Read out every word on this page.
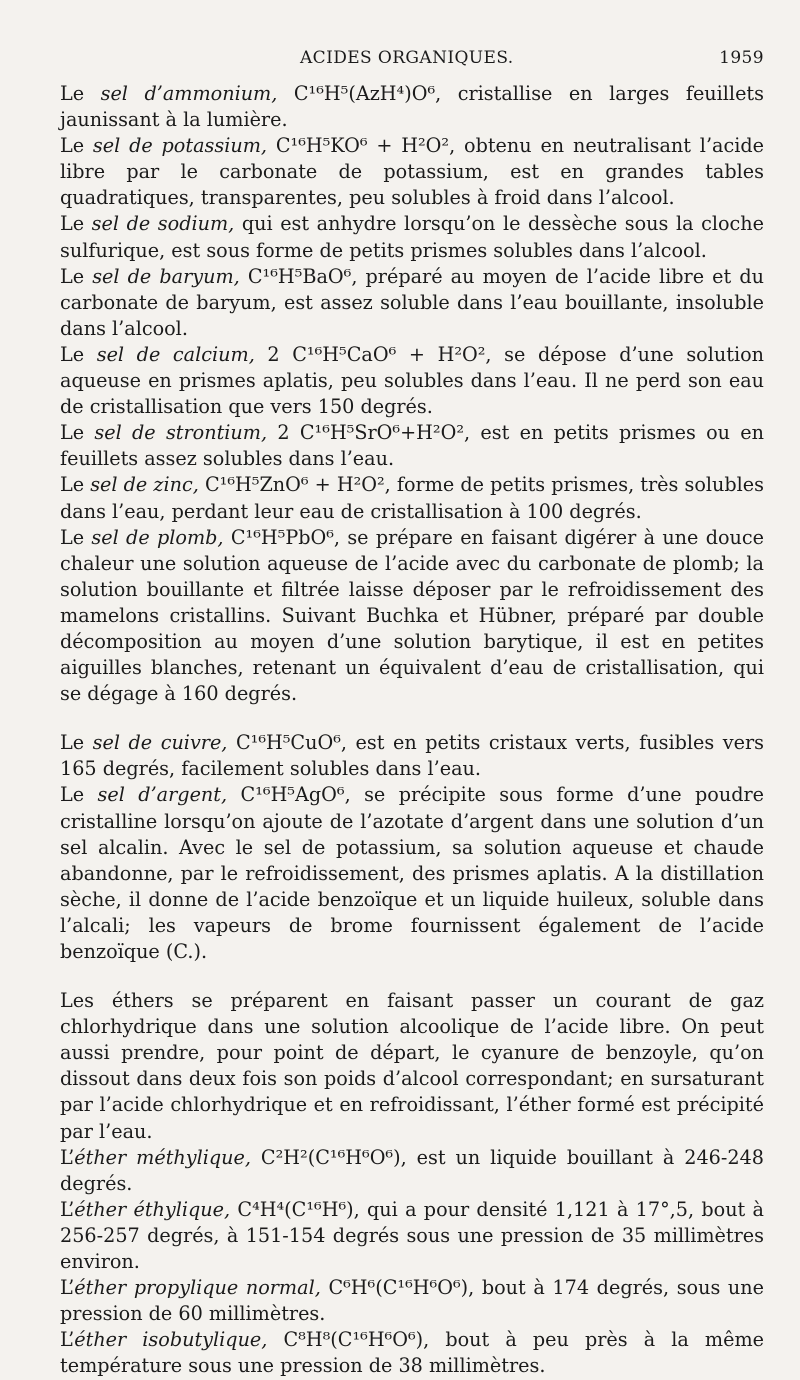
ACIDES ORGANIQUES.	1959

Le sel d’ammonium, C¹⁶H⁵(AzH⁴)O⁶, cristallise en larges feuillets jaunissant à la lumière.

Le sel de potassium, C¹⁶H⁵KO⁶ + H²O², obtenu en neutralisant l’acide libre par le carbonate de potassium, est en grandes tables quadratiques, transparentes, peu solubles à froid dans l’alcool.

Le sel de sodium, qui est anhydre lorsqu’on le dessèche sous la cloche sulfurique, est sous forme de petits prismes solubles dans l’alcool.

Le sel de baryum, C¹⁶H⁵BaO⁶, préparé au moyen de l’acide libre et du carbonate de baryum, est assez soluble dans l’eau bouillante, insoluble dans l’alcool.

Le sel de calcium, 2 C¹⁶H⁵CaO⁶ + H²O², se dépose d’une solution aqueuse en prismes aplatis, peu solubles dans l’eau. Il ne perd son eau de cristallisation que vers 150 degrés.

Le sel de strontium, 2 C¹⁶H⁵SrO⁶+H²O², est en petits prismes ou en feuillets assez solubles dans l’eau.

Le sel de zinc, C¹⁶H⁵ZnO⁶ + H²O², forme de petits prismes, très solubles dans l’eau, perdant leur eau de cristallisation à 100 degrés.

Le sel de plomb, C¹⁶H⁵PbO⁶, se prépare en faisant digérer à une douce chaleur une solution aqueuse de l’acide avec du carbonate de plomb; la solution bouillante et filtrée laisse déposer par le refroidissement des mamelons cristallins. Suivant Buchka et Hübner, préparé par double décomposition au moyen d’une solution barytique, il est en petites aiguilles blanches, retenant un équivalent d’eau de cristallisation, qui se dégage à 160 degrés.

Le sel de cuivre, C¹⁶H⁵CuO⁶, est en petits cristaux verts, fusibles vers 165 degrés, facilement solubles dans l’eau.

Le sel d’argent, C¹⁶H⁵AgO⁶, se précipite sous forme d’une poudre cristalline lorsqu’on ajoute de l’azotate d’argent dans une solution d’un sel alcalin. Avec le sel de potassium, sa solution aqueuse et chaude abandonne, par le refroidissement, des prismes aplatis. A la distillation sèche, il donne de l’acide benzoïque et un liquide huileux, soluble dans l’alcali; les vapeurs de brome fournissent également de l’acide benzoïque (C.).

Les éthers se préparent en faisant passer un courant de gaz chlorhydrique dans une solution alcoolique de l’acide libre. On peut aussi prendre, pour point de départ, le cyanure de benzoyle, qu’on dissout dans deux fois son poids d’alcool correspondant; en sursaturant par l’acide chlorhydrique et en refroidissant, l’éther formé est précipité par l’eau.

L’éther méthylique, C²H²(C¹⁶H⁶O⁶), est un liquide bouillant à 246-248 degrés.

L’éther éthylique, C⁴H⁴(C¹⁶H⁶), qui a pour densité 1,121 à 17°,5, bout à 256-257 degrés, à 151-154 degrés sous une pression de 35 millimètres environ.

L’éther propylique normal, C⁶H⁶(C¹⁶H⁶O⁶), bout à 174 degrés, sous une pression de 60 millimètres.

L’éther isobutylique, C⁸H⁸(C¹⁶H⁶O⁶), bout à peu près à la même température sous une pression de 38 millimètres.
